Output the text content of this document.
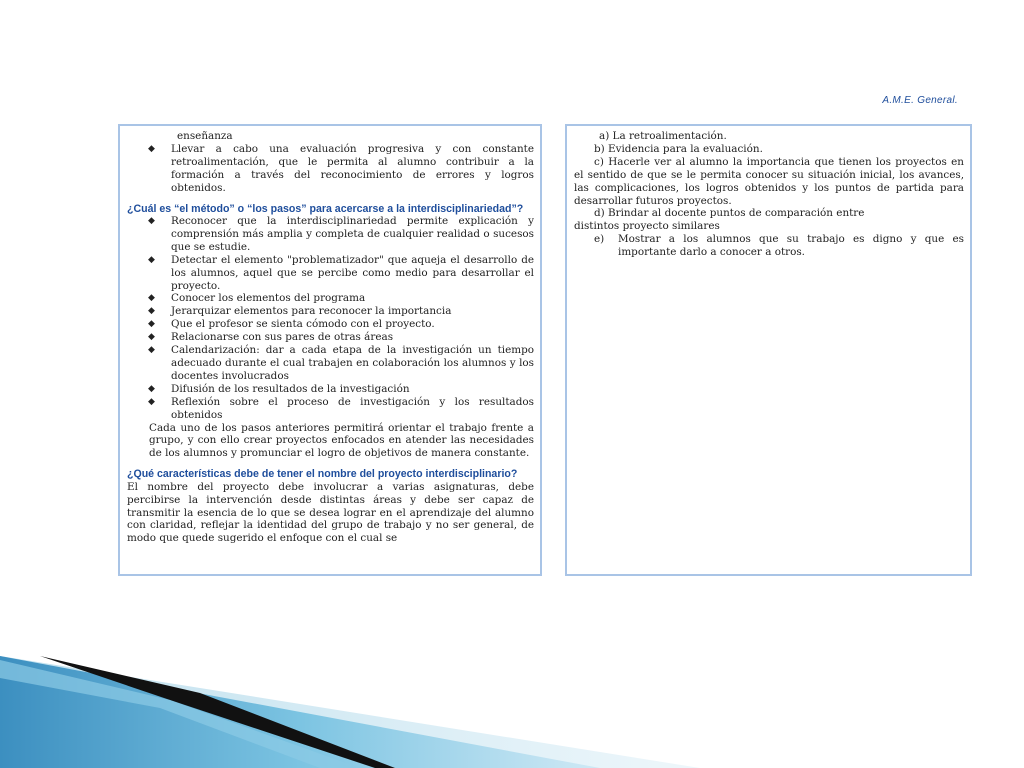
A.M.E. General.
enseñanza
◆ Llevar a cabo una evaluación progresiva y con constante retroalimentación, que le permita al alumno contribuir a la formación a través del reconocimiento de errores y logros obtenidos.
¿Cuál es “el método” o “los pasos” para acercarse a la interdisciplinariedad”?
◆ Reconocer que la interdisciplinariedad permite explicación y comprensión más amplia y completa de cualquier realidad o sucesos que se estudie.
◆ Detectar el elemento "problematizador" que aqueja el desarrollo de los alumnos, aquel que se percibe como medio para desarrollar el proyecto.
◆ Conocer los elementos del programa
◆ Jerarquizar elementos para reconocer la importancia
◆ Que el profesor se sienta cómodo con el proyecto.
◆ Relacionarse con sus pares de otras áreas
◆ Calendarización: dar a cada etapa de la investigación un tiempo adecuado durante el cual trabajen en colaboración los alumnos y los docentes involucrados
◆ Difusión de los resultados de la investigación
◆ Reflexión sobre el proceso de investigación y los resultados obtenidos
Cada uno de los pasos anteriores permitirá orientar el trabajo frente a grupo, y con ello crear proyectos enfocados en atender las necesidades de los alumnos y promunciar el logro de objetivos de manera constante.
¿Qué características debe de tener el nombre del proyecto interdisciplinario?
El nombre del proyecto debe involucrar a varias asignaturas, debe percibirse la intervención desde distintas áreas y debe ser capaz de transmitir la esencia de lo que se desea lograr en el aprendizaje del alumno con claridad, reflejar la identidad del grupo de trabajo y no ser general, de modo que quede sugerido el enfoque con el cual se
a) La retroalimentación.
b) Evidencia para la evaluación.
c) Hacerle ver al alumno la importancia que tienen los proyectos en el sentido de que se le permita conocer su situación inicial, los avances, las complicaciones, los logros obtenidos y los puntos de partida para desarrollar futuros proyectos.
d) Brindar al docente puntos de comparación entre
distintos proyecto similares
e)	Mostrar a los alumnos que su trabajo es digno y que es importante darlo a conocer a otros.
